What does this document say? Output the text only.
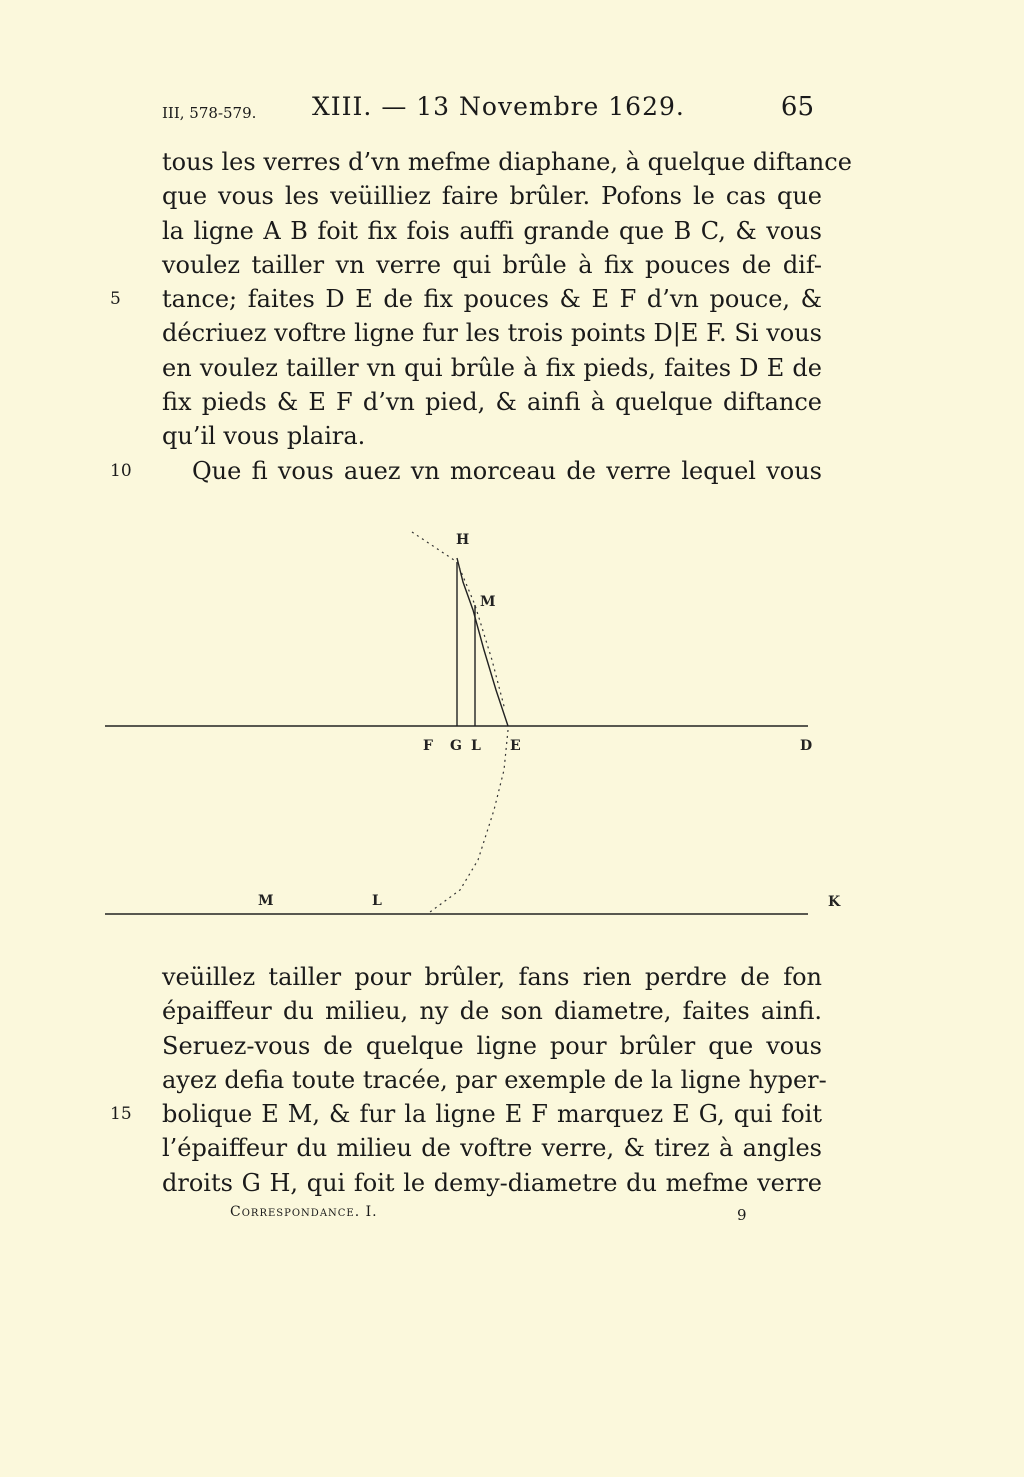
III, 578-579. XIII. — 13 Novembre 1629.	65
tous les verres d’vn mefme diaphane, à quelque diftance
que vous les veüilliez faire brûler. Pofons le cas que
la ligne A B foit fix fois auffi grande que B C, & vous
voulez tailler vn verre qui brûle à fix pouces de dif-
5	tance; faites D E de fix pouces & E F d’vn pouce, &
décriuez voftre ligne fur les trois points D|E F. Si vous
en voulez tailler vn qui brûle à fix pieds, faites D E de
fix pieds & E F d’vn pied, & ainfi à quelque diftance
qu’il vous plaira.
10	Que fi vous auez vn morceau de verre lequel vous
H
M
F G L E	D
M	L	K
veüillez tailler pour brûler, fans rien perdre de fon
épaiffeur du milieu, ny de son diametre, faites ainfi.
Seruez-vous de quelque ligne pour brûler que vous
ayez defia toute tracée, par exemple de la ligne hyper-
15	bolique E M, & fur la ligne E F marquez E G, qui foit
l’épaiffeur du milieu de voftre verre, & tirez à angles
droits G H, qui foit le demy-diametre du mefme verre
Correspondance. I.	9
